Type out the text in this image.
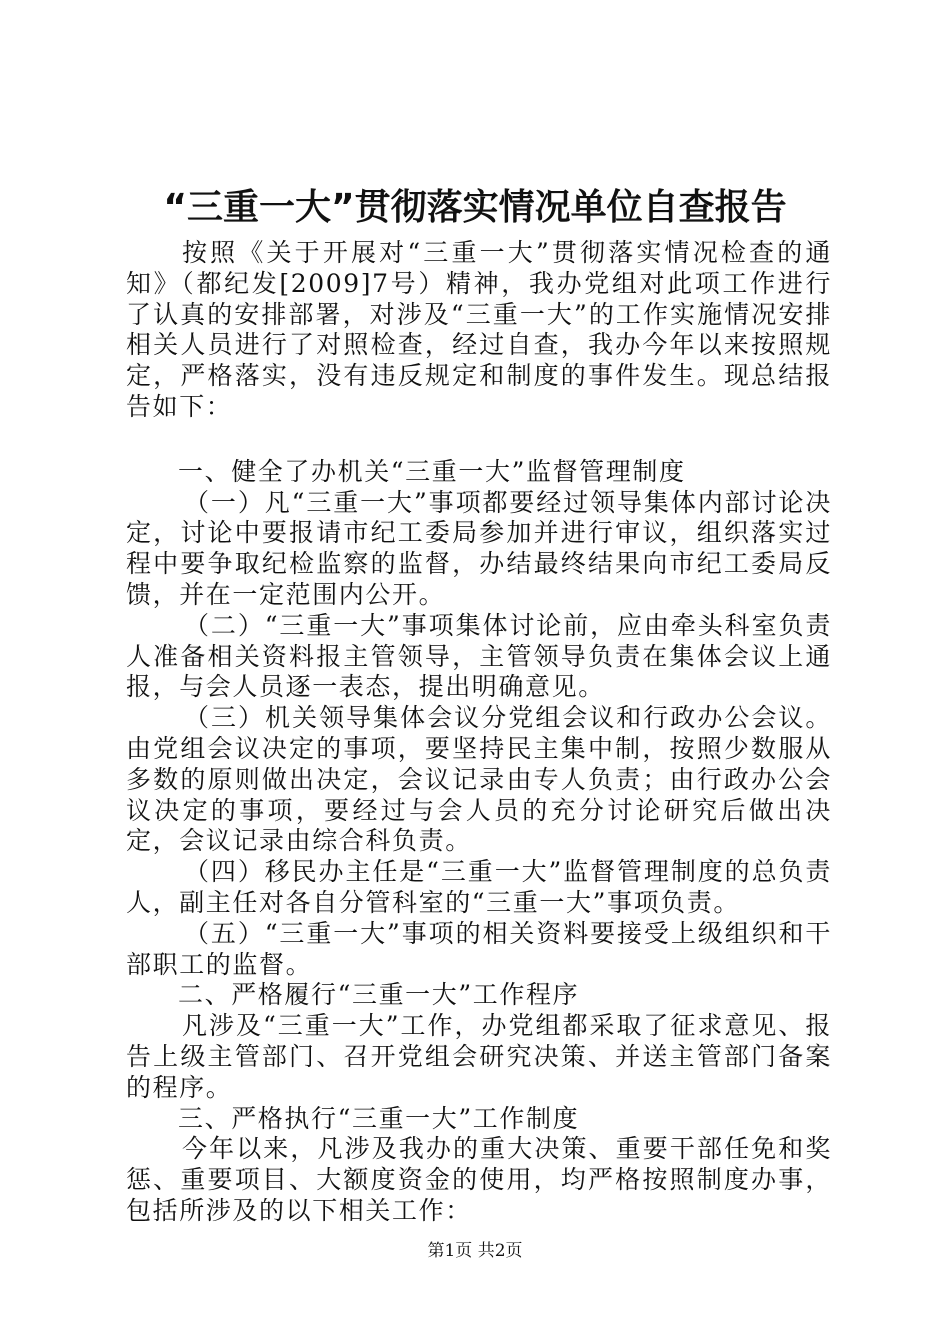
“三重一大”贯彻落实情况单位自查报告

按照《关于开展对“三重一大”贯彻落实情况检查的通知》（都纪发[2009]7号）精神，我办党组对此项工作进行了认真的安排部署，对涉及“三重一大”的工作实施情况安排相关人员进行了对照检查，经过自查，我办今年以来按照规定，严格落实，没有违反规定和制度的事件发生。现总结报告如下：

一、健全了办机关“三重一大”监督管理制度

（一）凡“三重一大”事项都要经过领导集体内部讨论决定，讨论中要报请市纪工委局参加并进行审议，组织落实过程中要争取纪检监察的监督，办结最终结果向市纪工委局反馈，并在一定范围内公开。

（二）“三重一大”事项集体讨论前，应由牵头科室负责人准备相关资料报主管领导，主管领导负责在集体会议上通报，与会人员逐一表态，提出明确意见。

（三）机关领导集体会议分党组会议和行政办公会议。由党组会议决定的事项，要坚持民主集中制，按照少数服从多数的原则做出决定，会议记录由专人负责；由行政办公会议决定的事项，要经过与会人员的充分讨论研究后做出决定，会议记录由综合科负责。

（四）移民办主任是“三重一大”监督管理制度的总负责人，副主任对各自分管科室的“三重一大”事项负责。

（五）“三重一大”事项的相关资料要接受上级组织和干部职工的监督。

二、严格履行“三重一大”工作程序

凡涉及“三重一大”工作，办党组都采取了征求意见、报告上级主管部门、召开党组会研究决策、并送主管部门备案的程序。

三、严格执行“三重一大”工作制度

今年以来，凡涉及我办的重大决策、重要干部任免和奖惩、重要项目、大额度资金的使用，均严格按照制度办事，包括所涉及的以下相关工作：

第1页 共2页
